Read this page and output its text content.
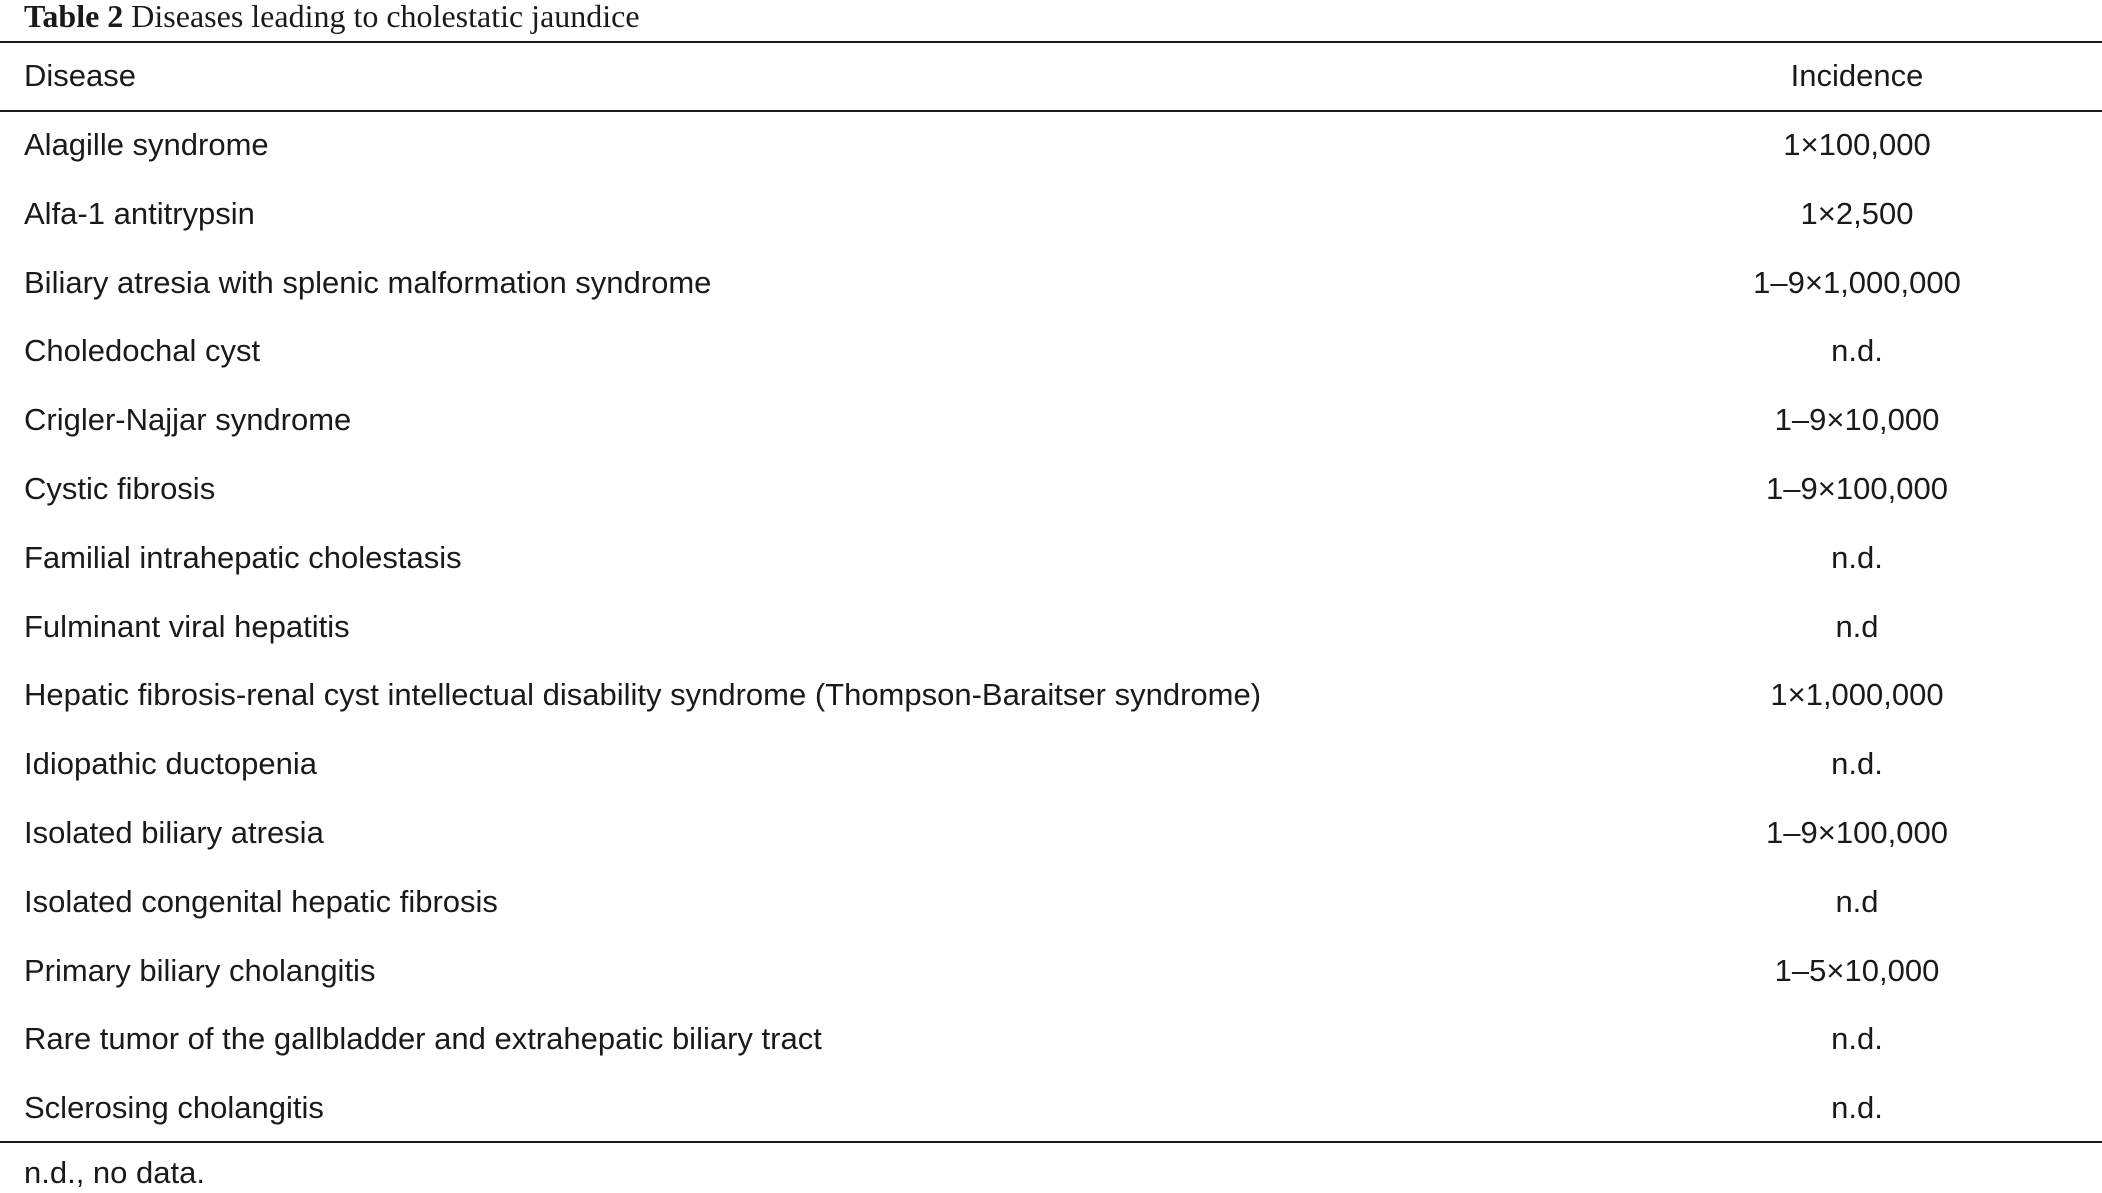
Table 2 Diseases leading to cholestatic jaundice
Disease	Incidence
Alagille syndrome	1×100,000
Alfa-1 antitrypsin	1×2,500
Biliary atresia with splenic malformation syndrome	1–9×1,000,000
Choledochal cyst	n.d.
Crigler-Najjar syndrome	1–9×10,000
Cystic fibrosis	1–9×100,000
Familial intrahepatic cholestasis	n.d.
Fulminant viral hepatitis	n.d
Hepatic fibrosis-renal cyst intellectual disability syndrome (Thompson-Baraitser syndrome)	1×1,000,000
Idiopathic ductopenia	n.d.
Isolated biliary atresia	1–9×100,000
Isolated congenital hepatic fibrosis	n.d
Primary biliary cholangitis	1–5×10,000
Rare tumor of the gallbladder and extrahepatic biliary tract	n.d.
Sclerosing cholangitis	n.d.
n.d., no data.
